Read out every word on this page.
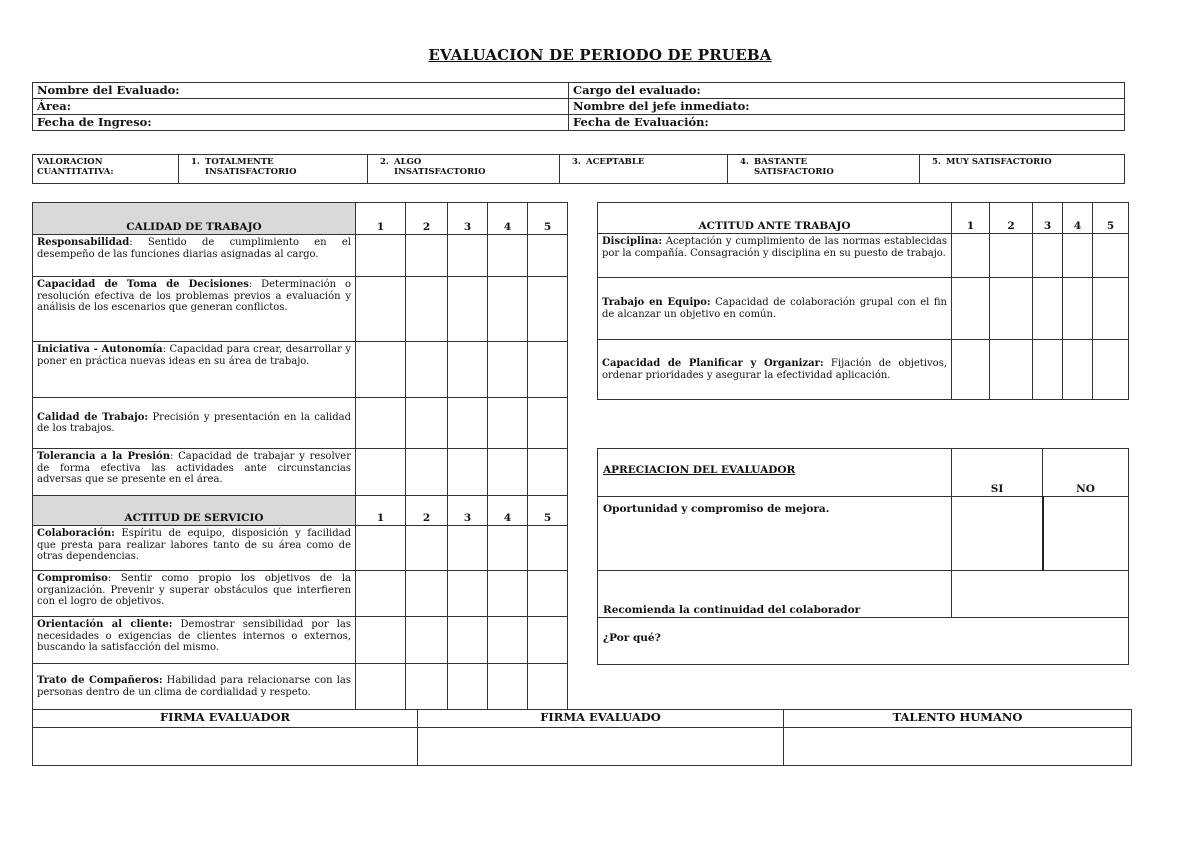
EVALUACION DE PERIODO DE PRUEBA
Nombre del Evaluado:	Cargo del evaluado:
Área:	Nombre del jefe inmediato:
Fecha de Ingreso:	Fecha de Evaluación:
VALORACION CUANTITATIVA:	1. TOTALMENTE INSATISFACTORIO	2. ALGO INSATISFACTORIO	3. ACEPTABLE	4. BASTANTE SATISFACTORIO	5. MUY SATISFACTORIO
CALIDAD DE TRABAJO	1	2	3	4	5
Responsabilidad: Sentido de cumplimiento en el desempeño de las funciones diarias asignadas al cargo.					
Capacidad de Toma de Decisiones: Determinación o resolución efectiva de los problemas previos a evaluación y análisis de los escenarios que generan conflictos.					
Iniciativa - Autonomía: Capacidad para crear, desarrollar y poner en práctica nuevas ideas en su área de trabajo.					
Calidad de Trabajo: Precisión y presentación en la calidad de los trabajos.					
Tolerancia a la Presión: Capacidad de trabajar y resolver de forma efectiva las actividades ante circunstancias adversas que se presente en el área.					
ACTITUD DE SERVICIO	1	2	3	4	5
Colaboración: Espíritu de equipo, disposición y facilidad que presta para realizar labores tanto de su área como de otras dependencias.					
Compromiso: Sentir como propio los objetivos de la organización. Prevenir y superar obstáculos que interfieren con el logro de objetivos.					
Orientación al cliente: Demostrar sensibilidad por las necesidades o exigencias de clientes internos o externos, buscando la satisfacción del mismo.					
Trato de Compañeros: Habilidad para relacionarse con las personas dentro de un clima de cordialidad y respeto.					
ACTITUD ANTE TRABAJO	1	2	3	4	5
Disciplina: Aceptación y cumplimiento de las normas establecidas por la compañía. Consagración y disciplina en su puesto de trabajo.					
Trabajo en Equipo: Capacidad de colaboración grupal con el fin de alcanzar un objetivo en común.					
Capacidad de Planificar y Organizar: Fijación de objetivos, ordenar prioridades y asegurar la efectividad aplicación.					
APRECIACION DEL EVALUADOR	SI	NO
Oportunidad y compromiso de mejora.		
Recomienda la continuidad del colaborador		
¿Por qué?		
FIRMA EVALUADOR	FIRMA EVALUADO	TALENTO HUMANO
